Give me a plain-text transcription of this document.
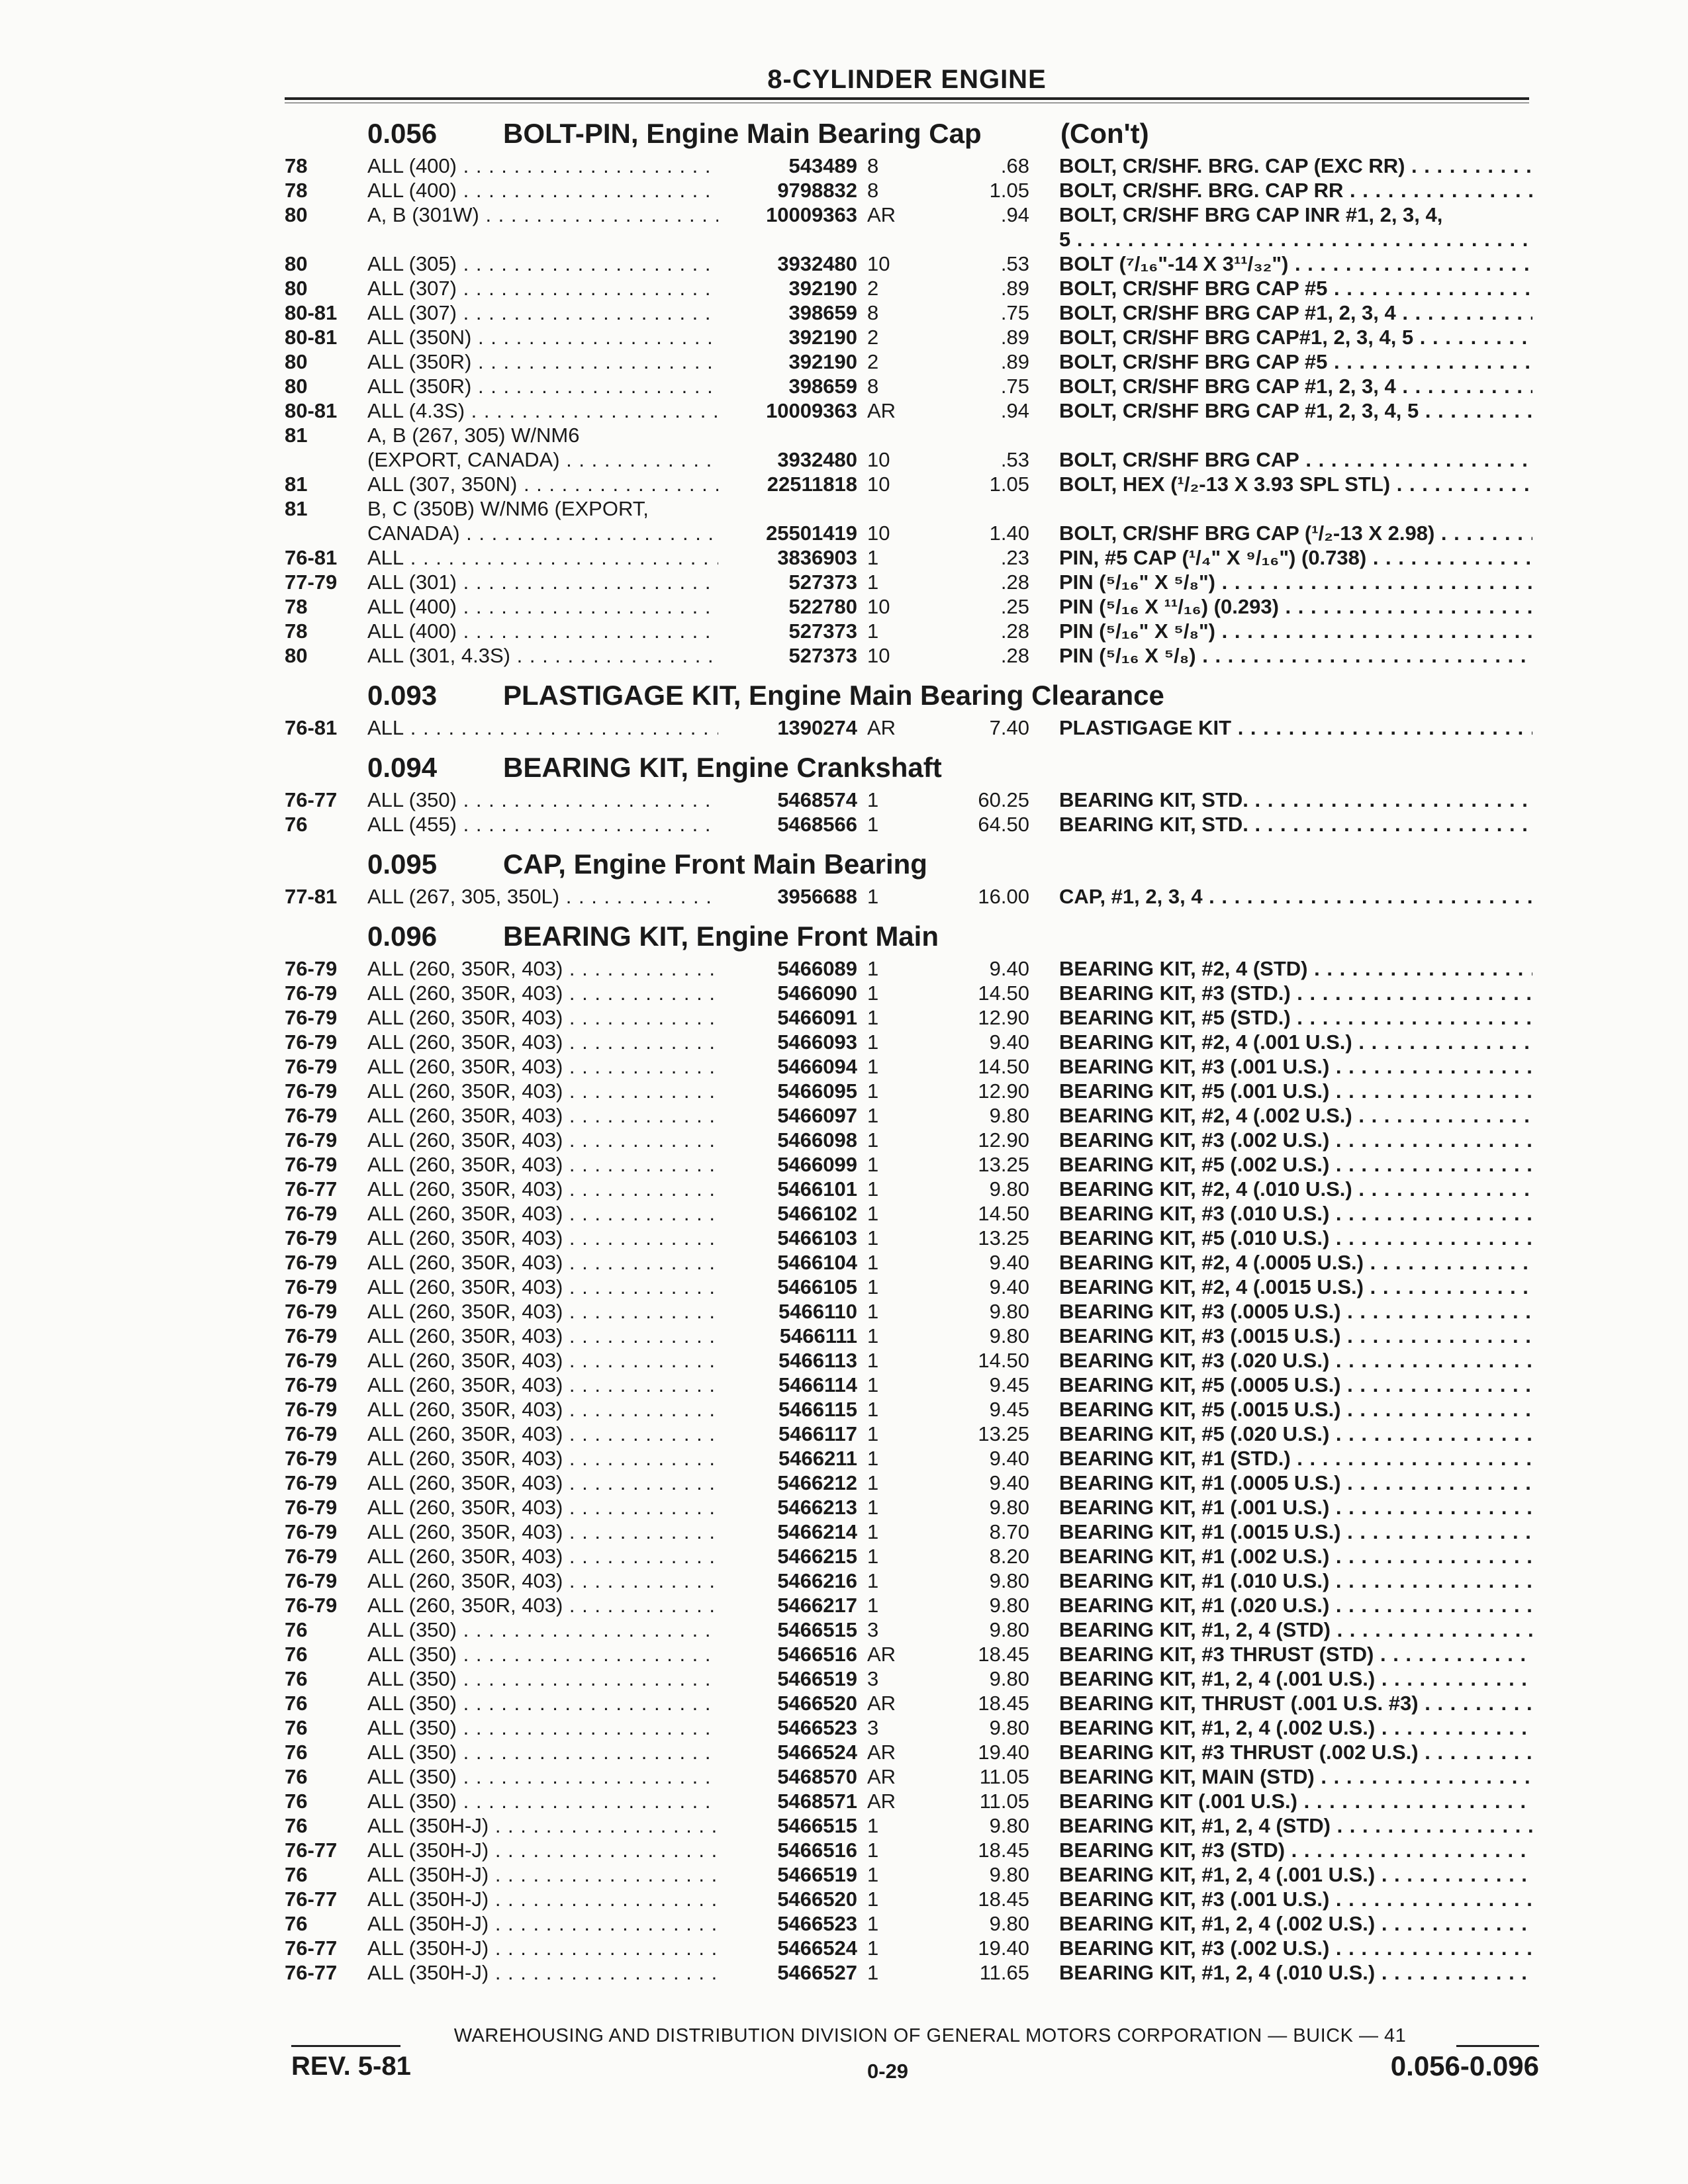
8-CYLINDER ENGINE
0.056 BOLT-PIN, Engine Main Bearing Cap	(Con't)
78	ALL (400) . . .	543489 8	.68 BOLT, CR/SHF. BRG. CAP (EXC RR) . . .
78	ALL (400) . . .	9798832 8	1.05 BOLT, CR/SHF. BRG. CAP RR . . .
80	A, B (301W) . . .	10009363 AR	.94 BOLT, CR/SHF BRG CAP INR #1, 2, 3, 4,
5 . . .
80	ALL (305) . . .	3932480 10	.53 BOLT (⁷/₁₆"-14 X 3¹¹/₃₂") . . .
80	ALL (307) . . .	392190 2	.89 BOLT, CR/SHF BRG CAP #5 . . .
80-81 ALL (307) . . .	398659 8	.75 BOLT, CR/SHF BRG CAP #1, 2, 3, 4 . . .
80-81 ALL (350N) . . .	392190 2	.89 BOLT, CR/SHF BRG CAP#1, 2, 3, 4, 5 . . .
80	ALL (350R) . . .	392190 2	.89 BOLT, CR/SHF BRG CAP #5 . . .
80	ALL (350R) . . .	398659 8	.75 BOLT, CR/SHF BRG CAP #1, 2, 3, 4 . . .
80-81 ALL (4.3S) . . .	10009363 AR	.94 BOLT, CR/SHF BRG CAP #1, 2, 3, 4, 5 . . .
81	A, B (267, 305) W/NM6
(EXPORT, CANADA) . . .	3932480 10	.53 BOLT, CR/SHF BRG CAP . . .
81	ALL (307, 350N) . . .	22511818 10	1.05 BOLT, HEX (¹/₂-13 X 3.93 SPL STL) . . .
81	B, C (350B) W/NM6 (EXPORT,
CANADA) . . .	25501419 10	1.40 BOLT, CR/SHF BRG CAP (¹/₂-13 X 2.98) . . .
76-81 ALL . . .	3836903 1	.23 PIN, #5 CAP (¹/₄" X ⁹/₁₆") (0.738) . . .
77-79 ALL (301) . . .	527373 1	.28 PIN (⁵/₁₆" X ⁵/₈") . . .
78	ALL (400) . . .	522780 10	.25 PIN (⁵/₁₆ X ¹¹/₁₆) (0.293) . . .
78	ALL (400) . . .	527373 1	.28 PIN (⁵/₁₆" X ⁵/₈") . . .
80	ALL (301, 4.3S) . . .	527373 10	.28 PIN (⁵/₁₆ X ⁵/₈) . . .
0.093 PLASTIGAGE KIT, Engine Main Bearing Clearance
76-81 ALL . . .	1390274 AR	7.40 PLASTIGAGE KIT . . .
0.094 BEARING KIT, Engine Crankshaft
76-77 ALL (350) . . .	5468574 1	60.25 BEARING KIT, STD. . . .
76	ALL (455) . . .	5468566 1	64.50 BEARING KIT, STD. . . .
0.095 CAP, Engine Front Main Bearing
77-81 ALL (267, 305, 350L) . . .	3956688 1	16.00 CAP, #1, 2, 3, 4 . . .
0.096 BEARING KIT, Engine Front Main
76-79 ALL (260, 350R, 403) . . .	5466089 1	9.40 BEARING KIT, #2, 4 (STD) . . .
76-79 ALL (260, 350R, 403) . . .	5466090 1	14.50 BEARING KIT, #3 (STD.) . . .
76-79 ALL (260, 350R, 403) . . .	5466091 1	12.90 BEARING KIT, #5 (STD.) . . .
76-79 ALL (260, 350R, 403) . . .	5466093 1	9.40 BEARING KIT, #2, 4 (.001 U.S.) . . .
76-79 ALL (260, 350R, 403) . . .	5466094 1	14.50 BEARING KIT, #3 (.001 U.S.) . . .
76-79 ALL (260, 350R, 403) . . .	5466095 1	12.90 BEARING KIT, #5 (.001 U.S.) . . .
76-79 ALL (260, 350R, 403) . . .	5466097 1	9.80 BEARING KIT, #2, 4 (.002 U.S.) . . .
76-79 ALL (260, 350R, 403) . . .	5466098 1	12.90 BEARING KIT, #3 (.002 U.S.) . . .
76-79 ALL (260, 350R, 403) . . .	5466099 1	13.25 BEARING KIT, #5 (.002 U.S.) . . .
76-77 ALL (260, 350R, 403) . . .	5466101 1	9.80 BEARING KIT, #2, 4 (.010 U.S.) . . .
76-79 ALL (260, 350R, 403) . . .	5466102 1	14.50 BEARING KIT, #3 (.010 U.S.) . . .
76-79 ALL (260, 350R, 403) . . .	5466103 1	13.25 BEARING KIT, #5 (.010 U.S.) . . .
76-79 ALL (260, 350R, 403) . . .	5466104 1	9.40 BEARING KIT, #2, 4 (.0005 U.S.) . . .
76-79 ALL (260, 350R, 403) . . .	5466105 1	9.40 BEARING KIT, #2, 4 (.0015 U.S.) . . .
76-79 ALL (260, 350R, 403) . . .	5466110 1	9.80 BEARING KIT, #3 (.0005 U.S.) . . .
76-79 ALL (260, 350R, 403) . . .	5466111 1	9.80 BEARING KIT, #3 (.0015 U.S.) . . .
76-79 ALL (260, 350R, 403) . . .	5466113 1	14.50 BEARING KIT, #3 (.020 U.S.) . . .
76-79 ALL (260, 350R, 403) . . .	5466114 1	9.45 BEARING KIT, #5 (.0005 U.S.) . . .
76-79 ALL (260, 350R, 403) . . .	5466115 1	9.45 BEARING KIT, #5 (.0015 U.S.) . . .
76-79 ALL (260, 350R, 403) . . .	5466117 1	13.25 BEARING KIT, #5 (.020 U.S.) . . .
76-79 ALL (260, 350R, 403) . . .	5466211 1	9.40 BEARING KIT, #1 (STD.) . . .
76-79 ALL (260, 350R, 403) . . .	5466212 1	9.40 BEARING KIT, #1 (.0005 U.S.) . . .
76-79 ALL (260, 350R, 403) . . .	5466213 1	9.80 BEARING KIT, #1 (.001 U.S.) . . .
76-79 ALL (260, 350R, 403) . . .	5466214 1	8.70 BEARING KIT, #1 (.0015 U.S.) . . .
76-79 ALL (260, 350R, 403) . . .	5466215 1	8.20 BEARING KIT, #1 (.002 U.S.) . . .
76-79 ALL (260, 350R, 403) . . .	5466216 1	9.80 BEARING KIT, #1 (.010 U.S.) . . .
76-79 ALL (260, 350R, 403) . . .	5466217 1	9.80 BEARING KIT, #1 (.020 U.S.) . . .
76	ALL (350) . . .	5466515 3	9.80 BEARING KIT, #1, 2, 4 (STD) . . .
76	ALL (350) . . .	5466516 AR	18.45 BEARING KIT, #3 THRUST (STD) . . .
76	ALL (350) . . .	5466519 3	9.80 BEARING KIT, #1, 2, 4 (.001 U.S.) . . .
76	ALL (350) . . .	5466520 AR	18.45 BEARING KIT, THRUST (.001 U.S. #3) . . .
76	ALL (350) . . .	5466523 3	9.80 BEARING KIT, #1, 2, 4 (.002 U.S.) . . .
76	ALL (350) . . .	5466524 AR	19.40 BEARING KIT, #3 THRUST (.002 U.S.) . . .
76	ALL (350) . . .	5468570 AR	11.05 BEARING KIT, MAIN (STD) . . .
76	ALL (350) . . .	5468571 AR	11.05 BEARING KIT (.001 U.S.) . . .
76	ALL (350H-J) . . .	5466515 1	9.80 BEARING KIT, #1, 2, 4 (STD) . . .
76-77 ALL (350H-J) . . .	5466516 1	18.45 BEARING KIT, #3 (STD) . . .
76	ALL (350H-J) . . .	5466519 1	9.80 BEARING KIT, #1, 2, 4 (.001 U.S.) . . .
76-77 ALL (350H-J) . . .	5466520 1	18.45 BEARING KIT, #3 (.001 U.S.) . . .
76	ALL (350H-J) . . .	5466523 1	9.80 BEARING KIT, #1, 2, 4 (.002 U.S.) . . .
76-77 ALL (350H-J) . . .	5466524 1	19.40 BEARING KIT, #3 (.002 U.S.) . . .
76-77 ALL (350H-J) . . .	5466527 1	11.65 BEARING KIT, #1, 2, 4 (.010 U.S.) . . .
WAREHOUSING AND DISTRIBUTION DIVISION OF GENERAL MOTORS CORPORATION — BUICK — 41
REV. 5-81	0-29	0.056-0.096
